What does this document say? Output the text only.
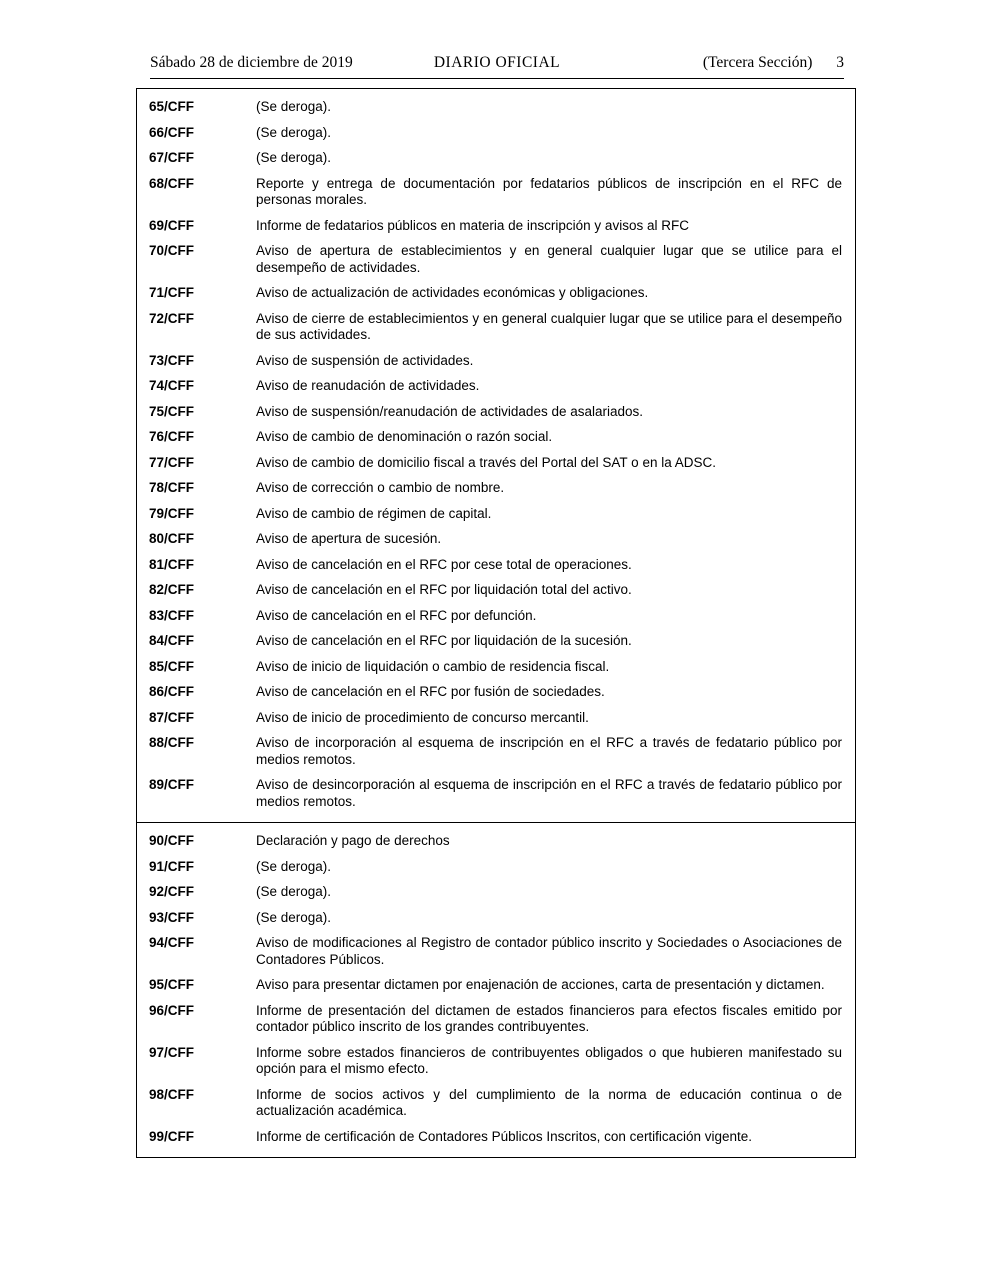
Sábado 28 de diciembre de 2019	DIARIO OFICIAL	(Tercera Sección) 3
65/CFF	(Se deroga).
66/CFF	(Se deroga).
67/CFF	(Se deroga).
68/CFF	Reporte y entrega de documentación por fedatarios públicos de inscripción en el RFC de personas morales.
69/CFF	Informe de fedatarios públicos en materia de inscripción y avisos al RFC
70/CFF	Aviso de apertura de establecimientos y en general cualquier lugar que se utilice para el desempeño de actividades.
71/CFF	Aviso de actualización de actividades económicas y obligaciones.
72/CFF	Aviso de cierre de establecimientos y en general cualquier lugar que se utilice para el desempeño de sus actividades.
73/CFF	Aviso de suspensión de actividades.
74/CFF	Aviso de reanudación de actividades.
75/CFF	Aviso de suspensión/reanudación de actividades de asalariados.
76/CFF	Aviso de cambio de denominación o razón social.
77/CFF	Aviso de cambio de domicilio fiscal a través del Portal del SAT o en la ADSC.
78/CFF	Aviso de corrección o cambio de nombre.
79/CFF	Aviso de cambio de régimen de capital.
80/CFF	Aviso de apertura de sucesión.
81/CFF	Aviso de cancelación en el RFC por cese total de operaciones.
82/CFF	Aviso de cancelación en el RFC por liquidación total del activo.
83/CFF	Aviso de cancelación en el RFC por defunción.
84/CFF	Aviso de cancelación en el RFC por liquidación de la sucesión.
85/CFF	Aviso de inicio de liquidación o cambio de residencia fiscal.
86/CFF	Aviso de cancelación en el RFC por fusión de sociedades.
87/CFF	Aviso de inicio de procedimiento de concurso mercantil.
88/CFF	Aviso de incorporación al esquema de inscripción en el RFC a través de fedatario público por medios remotos.
89/CFF	Aviso de desincorporación al esquema de inscripción en el RFC a través de fedatario público por medios remotos.
90/CFF	Declaración y pago de derechos
91/CFF	(Se deroga).
92/CFF	(Se deroga).
93/CFF	(Se deroga).
94/CFF	Aviso de modificaciones al Registro de contador público inscrito y Sociedades o Asociaciones de Contadores Públicos.
95/CFF	Aviso para presentar dictamen por enajenación de acciones, carta de presentación y dictamen.
96/CFF	Informe de presentación del dictamen de estados financieros para efectos fiscales emitido por contador público inscrito de los grandes contribuyentes.
97/CFF	Informe sobre estados financieros de contribuyentes obligados o que hubieren manifestado su opción para el mismo efecto.
98/CFF	Informe de socios activos y del cumplimiento de la norma de educación continua o de actualización académica.
99/CFF	Informe de certificación de Contadores Públicos Inscritos, con certificación vigente.
